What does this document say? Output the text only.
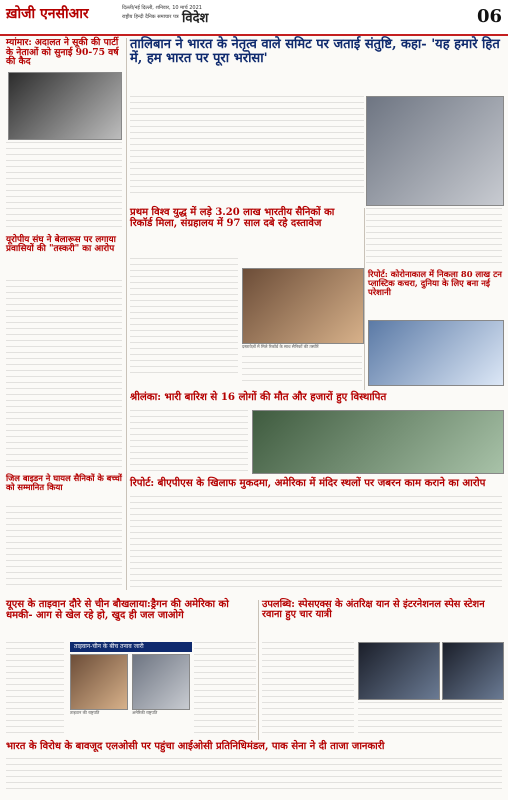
ख़ोजी एनसीआर	दिल्ली/नई दिल्ली, शनिवार, 10 मार्च 2021
राष्ट्रीय हिन्दी दैनिक समाचार पत्र विदेश	06
म्यांमार: अदालत ने सूकी की पार्टी के नेताओं को सुनाई 90-75 वर्ष की कैद
यूरोपीय संघ ने बेलारूस पर लगाया प्रवासियों की "तस्करी" का आरोप
जिल बाइडन ने घायल सैनिकों के बच्चों को सम्मानित किया
तालिबान ने भारत के नेतृत्व वाले समिट पर जताई संतुष्टि, कहा- 'यह हमारे हित में, हम भारत पर पूरा भरोसा'
प्रथम विश्व युद्ध में लड़े 3.20 लाख भारतीय सैनिकों का रिकॉर्ड मिला, संग्रहालय में 97 साल दबे रहे दस्तावेज
दस्तावेज़ों में मिले रिकॉर्ड के साथ सैनिकों की तस्वीरें
रिपोर्ट: कोरोनाकाल में निकला 80 लाख टन प्लास्टिक कचरा, दुनिया के लिए बना नई परेशानी
श्रीलंका: भारी बारिश से 16 लोगों की मौत और हजारों हुए विस्थापित
रिपोर्ट: बीएपीएस के खिलाफ मुकदमा, अमेरिका में मंदिर स्थलों पर जबरन काम कराने का आरोप
यूएस के ताइवान दौरे से चीन बौखलाया:ड्रैगन की अमेरिका को धमकी- आग से खेल रहे हो, खुद ही जल जाओगे
ताइवान-चीन के बीच तनाव जारी
ताइवान की राष्ट्रपति	अमेरिकी राष्ट्रपति
उपलब्धि: स्पेसएक्स के अंतरिक्ष यान से इंटरनेशनल स्पेस स्टेशन रवाना हुए चार यात्री
भारत के विरोध के बावजूद एलओसी पर पहुंचा आईओसी प्रतिनिधिमंडल, पाक सेना ने दी ताजा जानकारी
